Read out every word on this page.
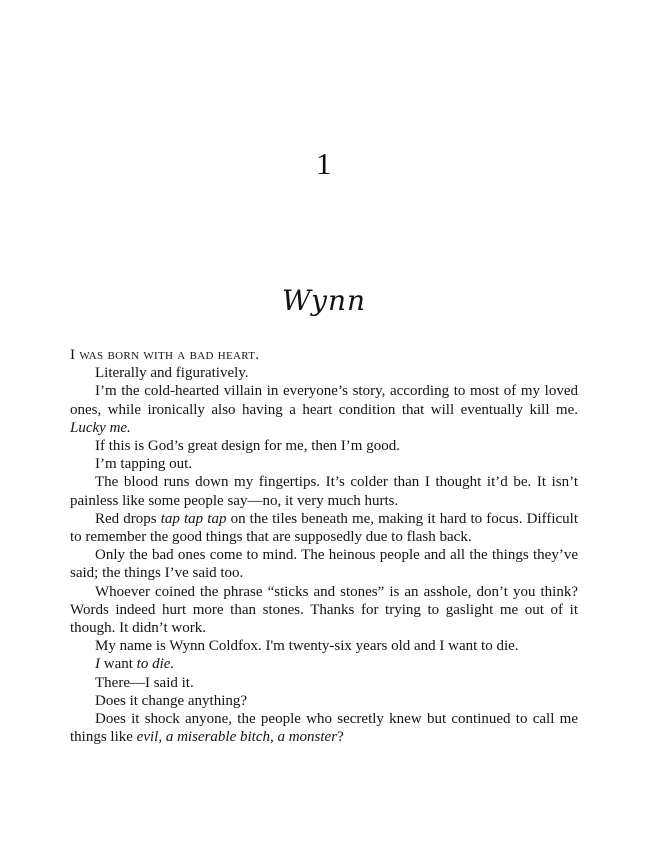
1
Wynn

I was born with a bad heart.

Literally and figuratively.

I’m the cold-hearted villain in everyone’s story, according to most of my loved ones, while ironically also having a heart condition that will eventually kill me. Lucky me.

If this is God’s great design for me, then I’m good.

I’m tapping out.

The blood runs down my fingertips. It’s colder than I thought it’d be. It isn’t painless like some people say—no, it very much hurts.

Red drops tap tap tap on the tiles beneath me, making it hard to focus. Difficult to remember the good things that are supposedly due to flash back.

Only the bad ones come to mind. The heinous people and all the things they’ve said; the things I’ve said too.

Whoever coined the phrase “sticks and stones” is an asshole, don’t you think? Words indeed hurt more than stones. Thanks for trying to gaslight me out of it though. It didn’t work.

My name is Wynn Coldfox. I'm twenty-six years old and I want to die.

I want to die.

There—I said it.

Does it change anything?

Does it shock anyone, the people who secretly knew but continued to call me things like evil, a miserable bitch, a monster?
